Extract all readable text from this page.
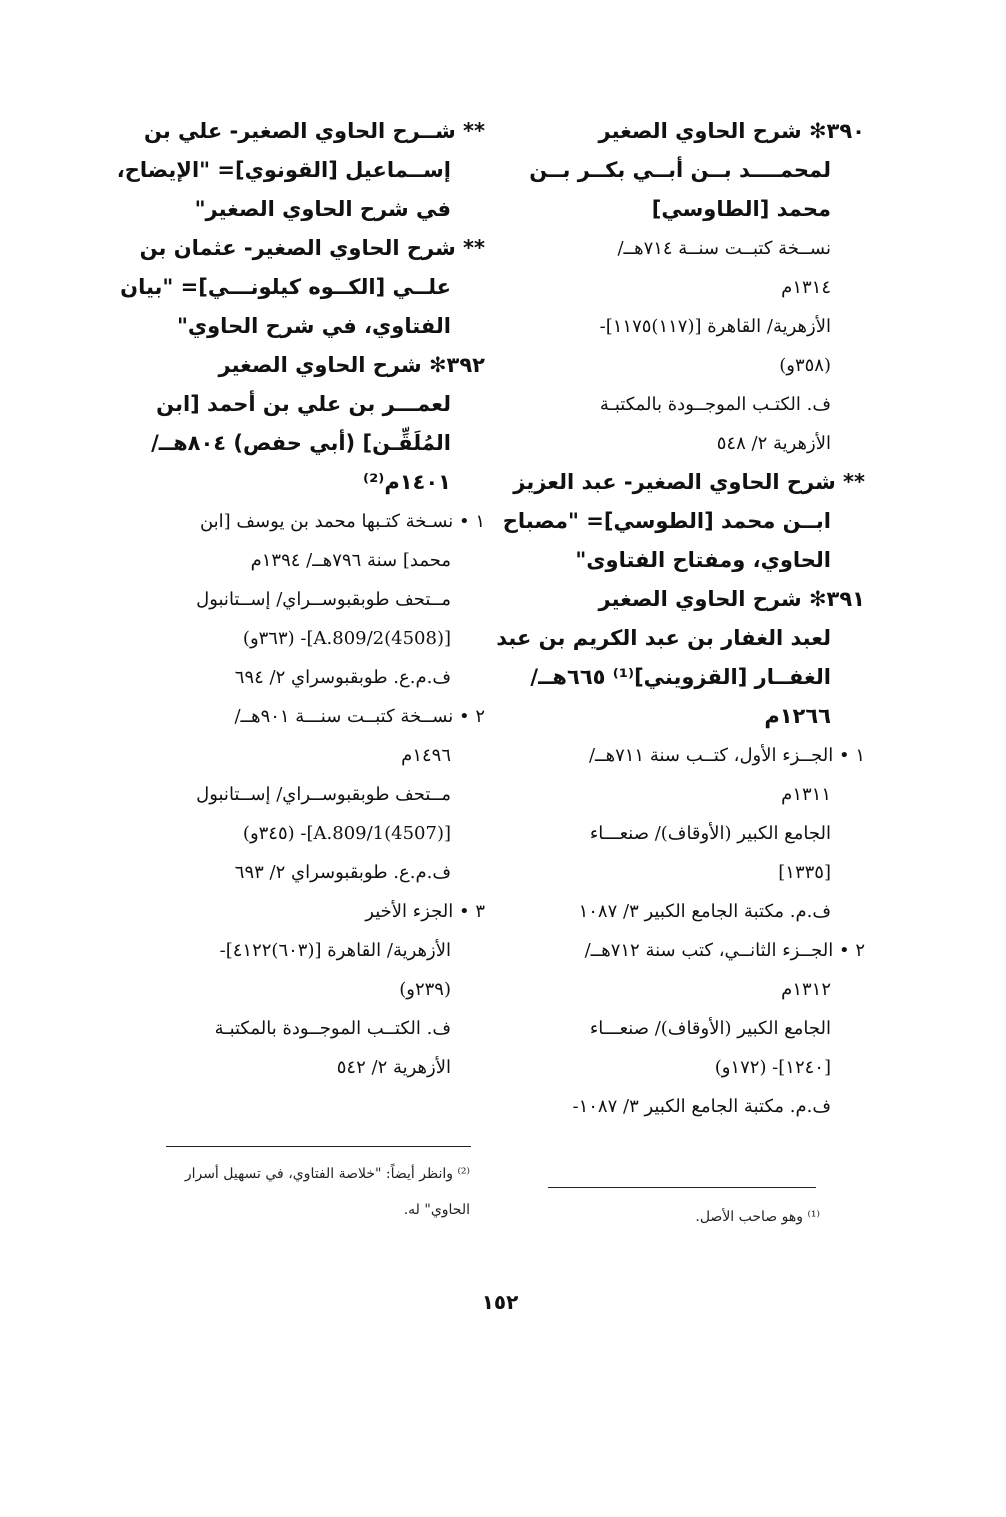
٣٩٠✻ شرح الحاوي الصغير
لمحمــــد بــن أبــي بكــر بــن
محمد [الطاوسي]
نســخة كتبــت سنــة ٧١٤هــ/
١٣١٤م
الأزهرية/ القاهرة [(١١٧)١١٧٥]-
(٣٥٨و)
ف. الكتـب الموجــودة بالمكتبـة
الأزهرية ٢/ ٥٤٨
** شرح الحاوي الصغير- عبد العزيز
ابــن محمد [الطوسي]= "مصباح
الحاوي، ومفتاح الفتاوى"
٣٩١✻ شرح الحاوي الصغير
لعبد الغفار بن عبد الكريم بن عبد
الغفــار [القزويني]⁽¹⁾ ٦٦٥هــ/
١٢٦٦م
١ • الجــزء الأول، كتــب سنة ٧١١هــ/
١٣١١م
الجامع الكبير (الأوقاف)/ صنعـــاء
[١٣٣٥]
ف.م. مكتبة الجامع الكبير ٣/ ١٠٨٧
٢ • الجــزء الثانــي، كتب سنة ٧١٢هــ/
١٣١٢م
الجامع الكبير (الأوقاف)/ صنعـــاء
[١٢٤٠]- (١٧٢و)
ف.م. مكتبة الجامع الكبير ٣/ ١٠٨٧-
** شــرح الحاوي الصغير- علي بن
إســماعيل [القونوي]= "الإيضاح،
في شرح الحاوي الصغير"
** شرح الحاوي الصغير- عثمان بن
علــي [الكــوه كيلونـــي]= "بيان
الفتاوي، في شرح الحاوي"
٣٩٢✻ شرح الحاوي الصغير
لعمـــر بن علي بن أحمد [ابن
المُلَقِّـن] (أبي حفص) ٨٠٤هــ/
١٤٠١م⁽²⁾
١ • نسـخة كتـبها محمد بن يوسف [ابن
محمد] سنة ٧٩٦هــ/ ١٣٩٤م
مــتحف طوبقبوســراي/ إســتانبول
[(4508)A.809/2]- (٣٦٣و)
ف.م.ع. طوبقبوسراي ٢/ ٦٩٤
٢ • نســخة كتبــت سنـــة ٩٠١هــ/
١٤٩٦م
مــتحف طوبقبوســراي/ إســتانبول
[(4507)A.809/1]- (٣٤٥و)
ف.م.ع. طوبقبوسراي ٢/ ٦٩٣
٣ • الجزء الأخير
الأزهرية/ القاهرة [(٦٠٣)٤١٢٢]-
(٢٣٩و)
ف. الكتــب الموجــودة بالمكتبـة
الأزهرية ٢/ ٥٤٢
⁽¹⁾ وهو صاحب الأصل.
⁽²⁾ وانظر أيضاً: "خلاصة الفتاوي، في تسهيل أسرار
الحاوي" له.
١٥٢
